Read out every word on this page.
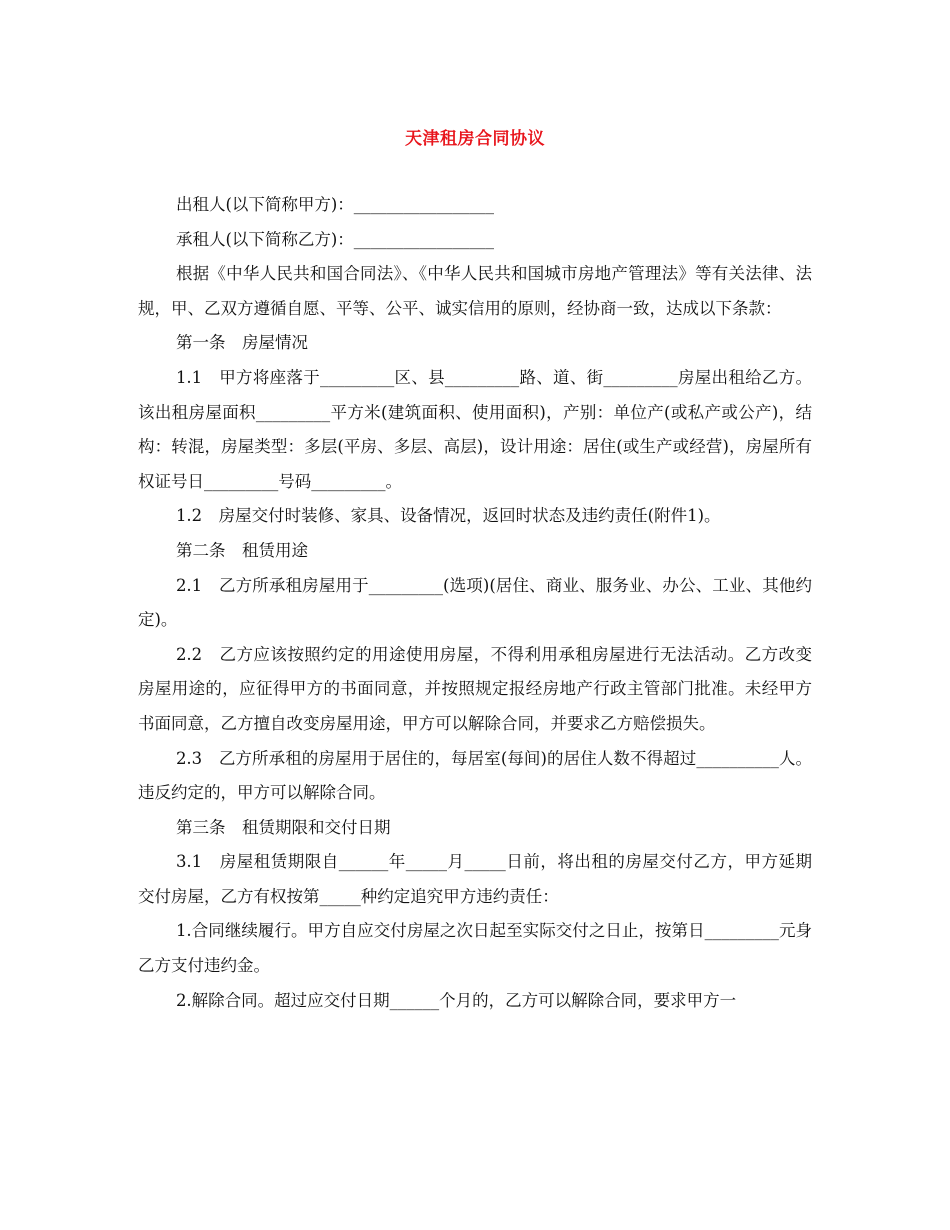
天津租房合同协议

出租人(以下简称甲方)：_________________

承租人(以下简称乙方)：_________________

根据《中华人民共和国合同法》、《中华人民共和国城市房地产管理法》等有关法律、法规，甲、乙双方遵循自愿、平等、公平、诚实信用的原则，经协商一致，达成以下条款：

第一条　房屋情况

1.1　甲方将座落于_________区、县_________路、道、街_________房屋出租给乙方。该出租房屋面积_________平方米(建筑面积、使用面积)，产别：单位产(或私产或公产)，结构：转混，房屋类型：多层(平房、多层、高层)，设计用途：居住(或生产或经营)，房屋所有权证号日_________号码_________。

1.2　房屋交付时装修、家具、设备情况，返回时状态及违约责任(附件1)。

第二条　租赁用途

2.1　乙方所承租房屋用于_________(选项)(居住、商业、服务业、办公、工业、其他约定)。

2.2　乙方应该按照约定的用途使用房屋，不得利用承租房屋进行无法活动。乙方改变房屋用途的，应征得甲方的书面同意，并按照规定报经房地产行政主管部门批准。未经甲方书面同意，乙方擅自改变房屋用途，甲方可以解除合同，并要求乙方赔偿损失。

2.3　乙方所承租的房屋用于居住的，每居室(每间)的居住人数不得超过__________人。违反约定的，甲方可以解除合同。

第三条　租赁期限和交付日期

3.1　房屋租赁期限自______年_____月_____日前，将出租的房屋交付乙方，甲方延期交付房屋，乙方有权按第_____种约定追究甲方违约责任：

1.合同继续履行。甲方自应交付房屋之次日起至实际交付之日止，按第日_________元身乙方支付违约金。

2.解除合同。超过应交付日期______个月的，乙方可以解除合同，要求甲方一
